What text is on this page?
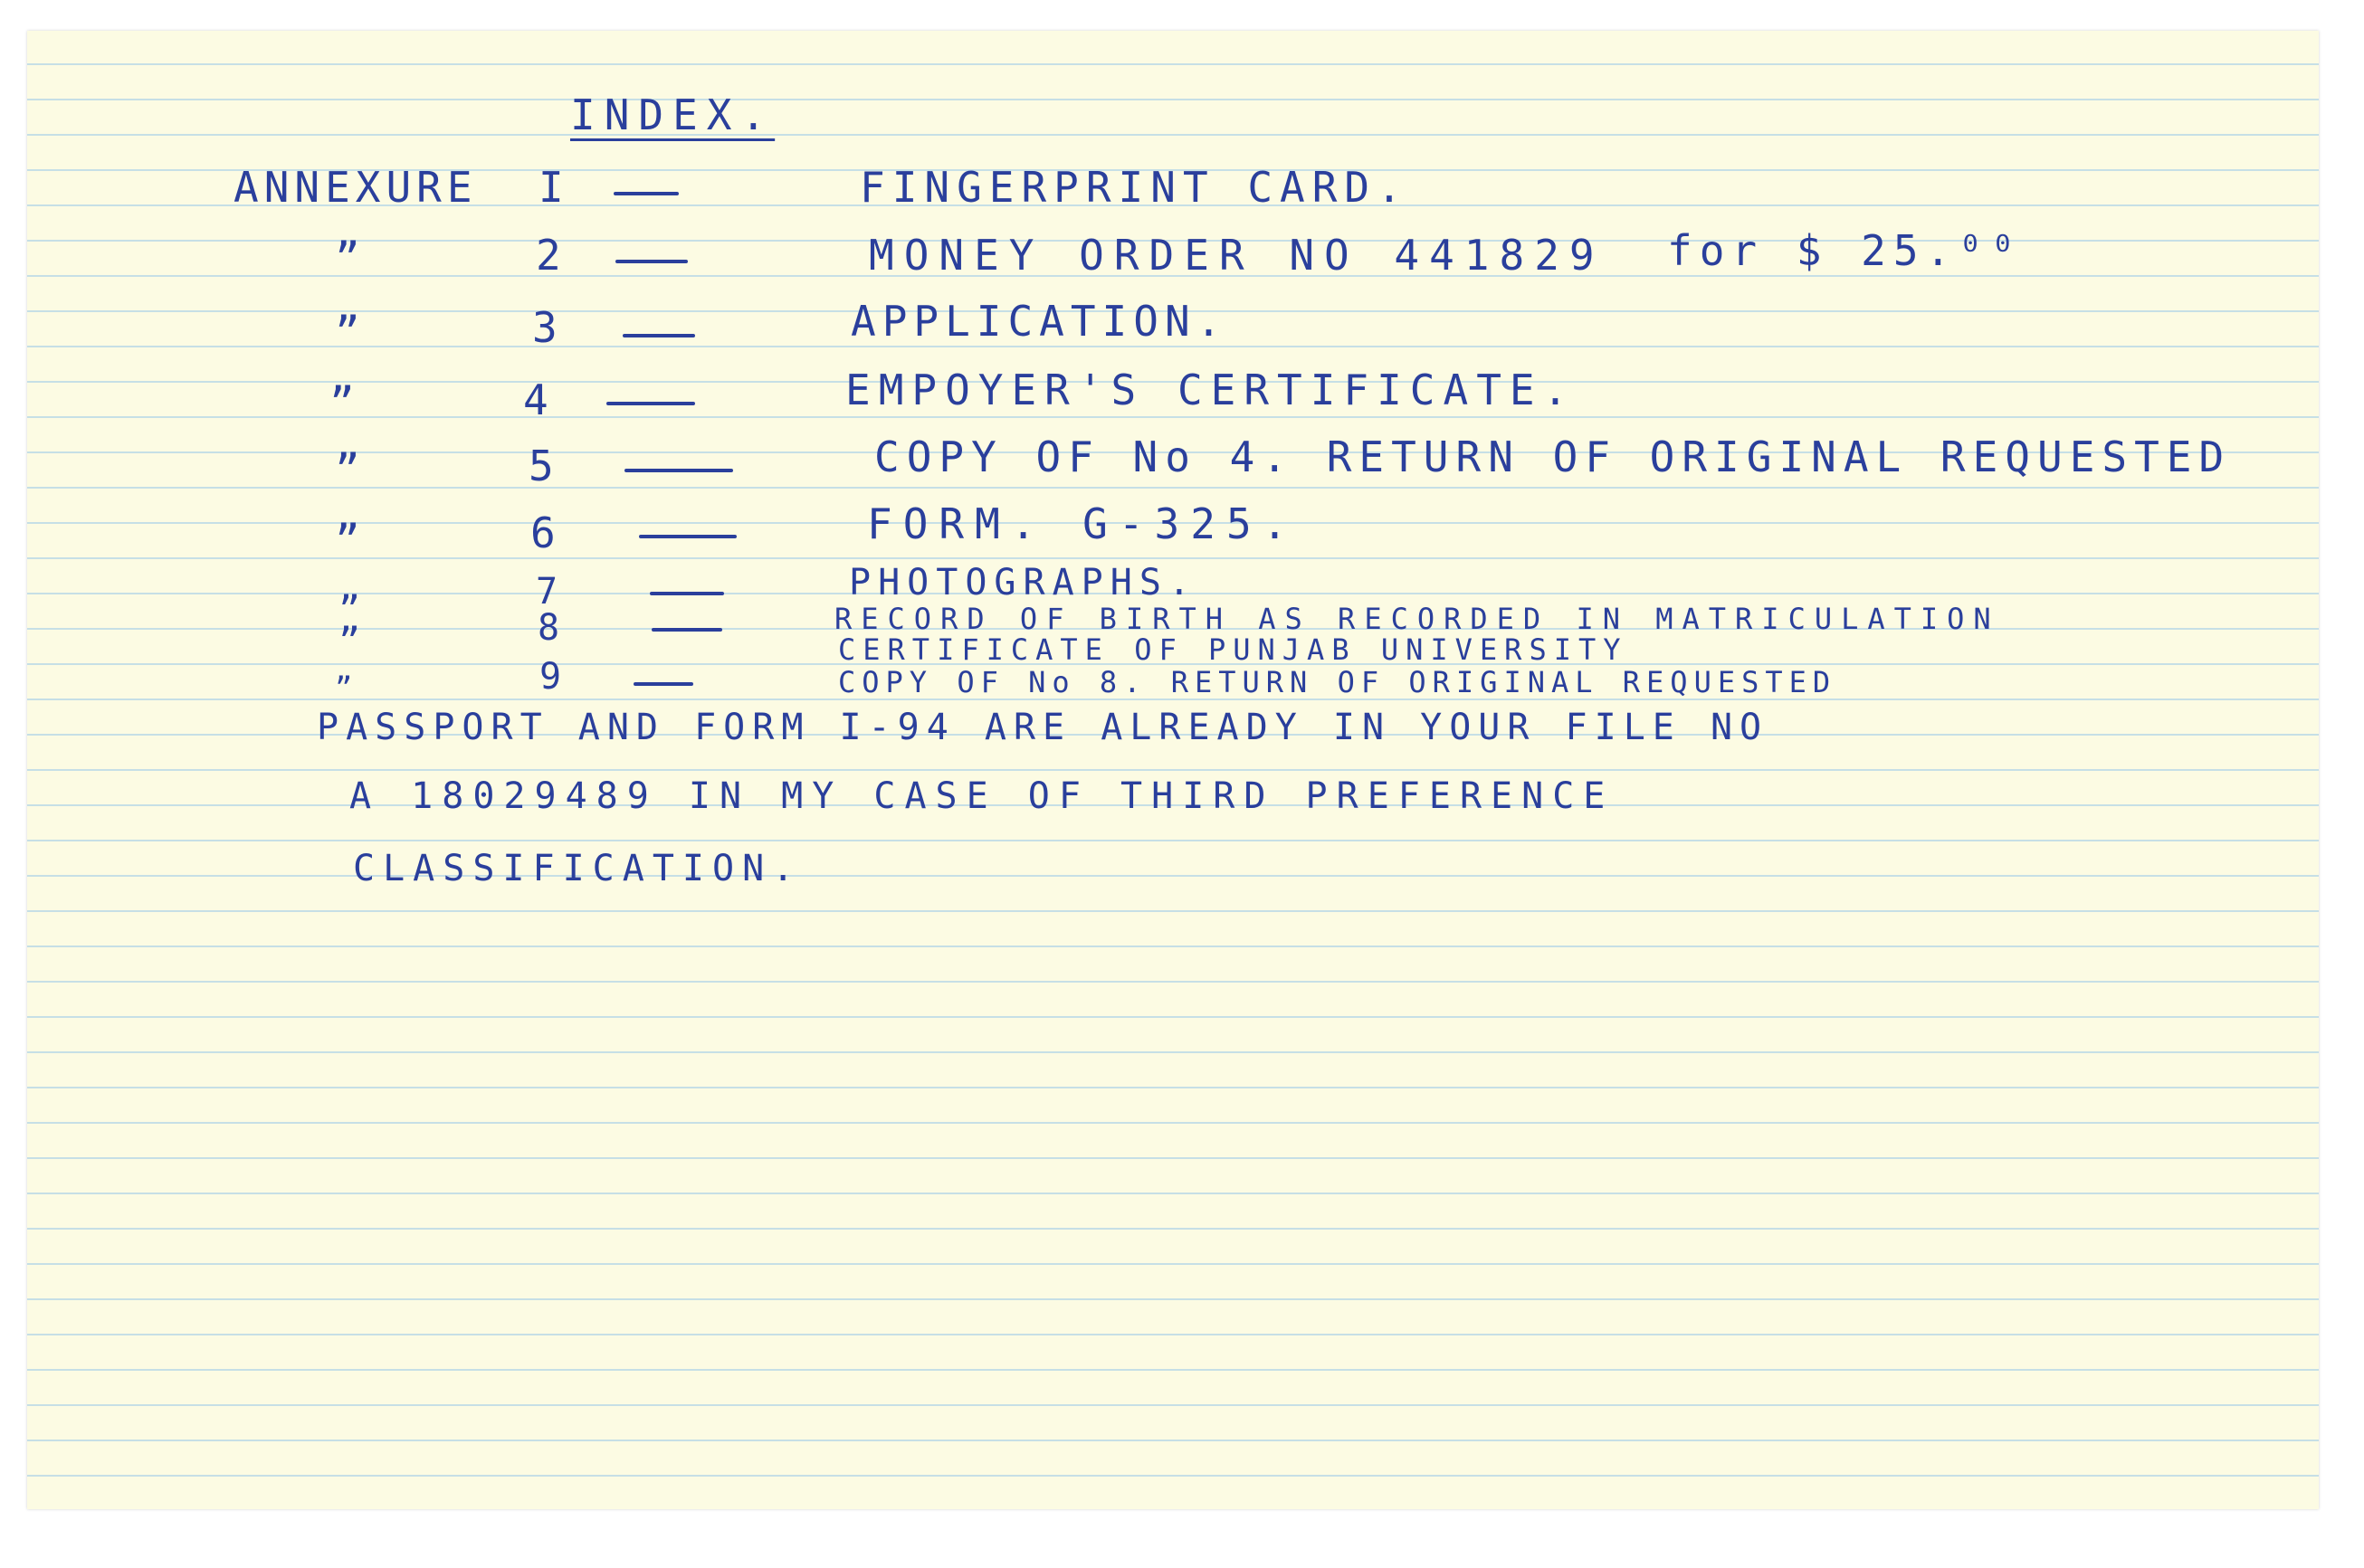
INDEX.
ANNEXURE I	FINGERPRINT CARD.
”	2	MONEY ORDER NO 441829 for $ 25.⁰⁰
”	3	APPLICATION.
”	4	EMPOYER'S CERTIFICATE.
”	5	COPY OF No 4. RETURN OF ORIGINAL REQUESTED
”	6	FORM. G-325.
”	7	PHOTOGRAPHS.
”	8	RECORD OF BIRTH AS RECORDED IN MATRICULATION
CERTIFICATE OF PUNJAB UNIVERSITY
”	9	COPY OF No 8. RETURN OF ORIGINAL REQUESTED
PASSPORT AND FORM I-94 ARE ALREADY IN YOUR FILE NO
A 18029489 IN MY CASE OF THIRD PREFERENCE
CLASSIFICATION.
